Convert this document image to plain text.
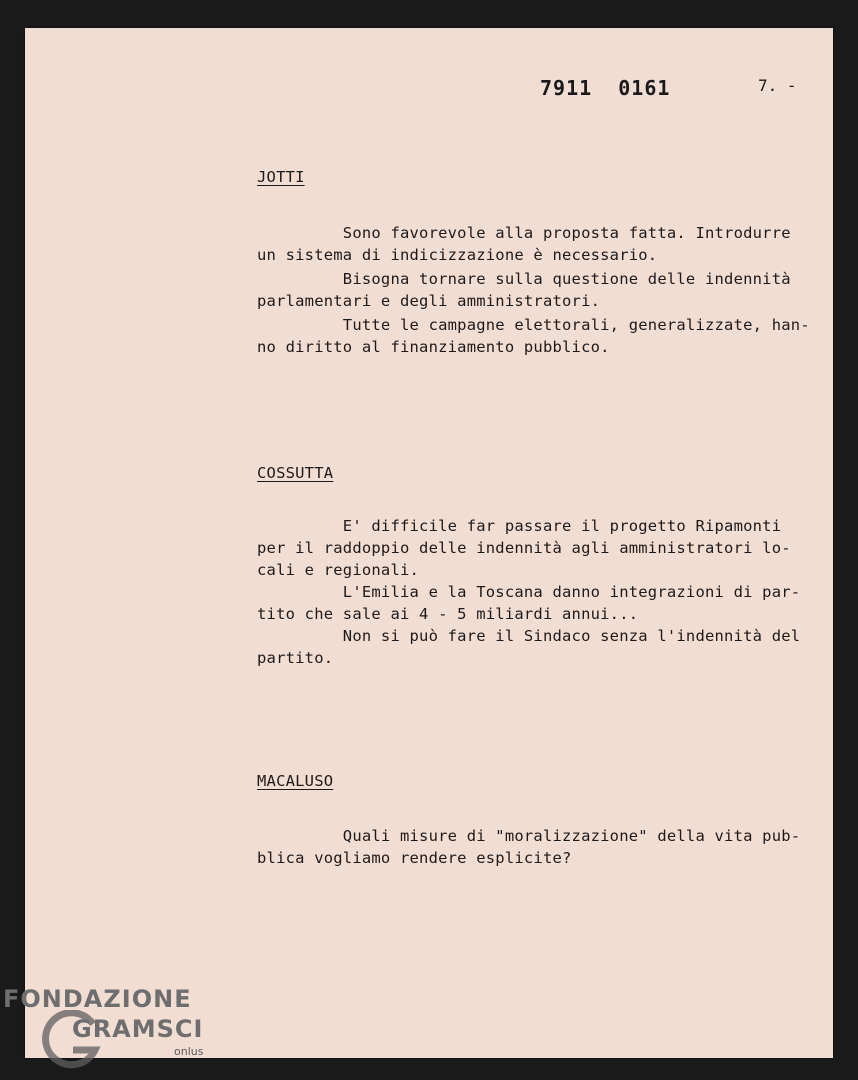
7911  0161	7. -
JOTTI

Sono favorevole alla proposta fatta. Introdurre
un sistema di indicizzazione è necessario.

Bisogna tornare sulla questione delle indennità
parlamentari e degli amministratori.

Tutte le campagne elettorali, generalizzate, han-
no diritto al finanziamento pubblico.

COSSUTTA

E' difficile far passare il progetto Ripamonti
per il raddoppio delle indennità agli amministratori lo-
cali e regionali.

L'Emilia e la Toscana danno integrazioni di par-
tito che sale ai 4 - 5 miliardi annui...

Non si può fare il Sindaco senza l'indennità del
partito.

MACALUSO

Quali misure di "moralizzazione" della vita pub-
blica vogliamo rendere esplicite?

FONDAZIONE
GRAMSCI
onlus
